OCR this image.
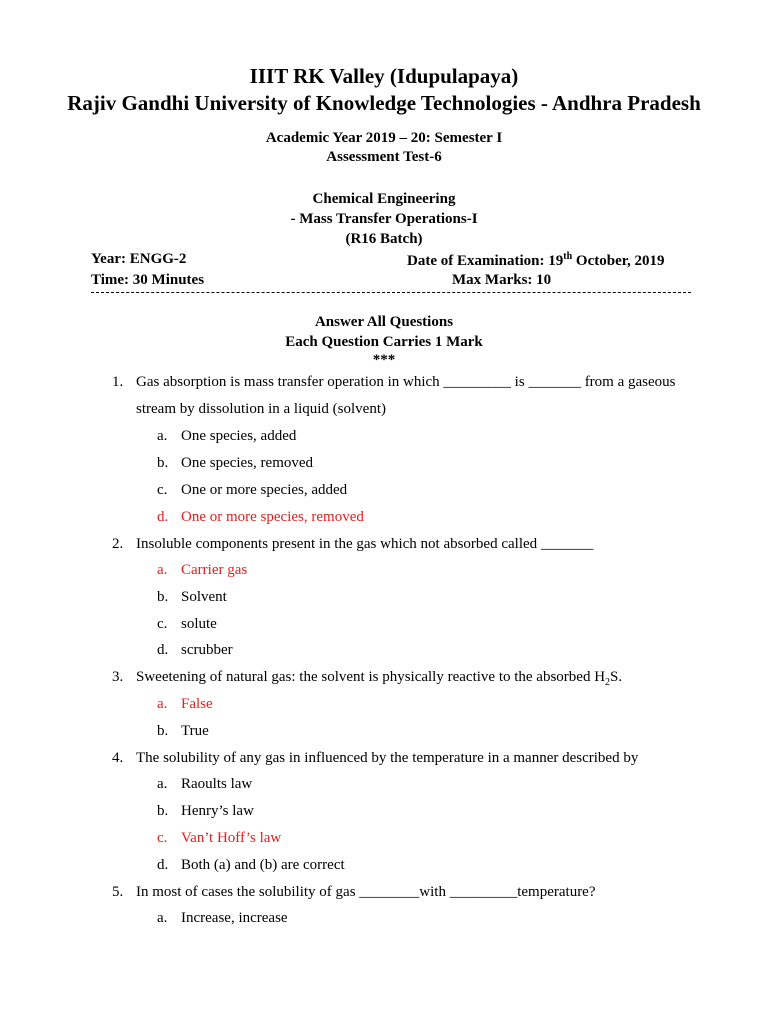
IIIT RK Valley (Idupulapaya)
Rajiv Gandhi University of Knowledge Technologies - Andhra Pradesh
Academic Year 2019 – 20: Semester I
Assessment Test-6
Chemical Engineering
- Mass Transfer Operations-I
(R16 Batch)
Year: ENGG-2	Date of Examination: 19th October, 2019
Time: 30 Minutes	Max Marks: 10
Answer All Questions
Each Question Carries 1 Mark
***
1. Gas absorption is mass transfer operation in which _________ is _______ from a gaseous
stream by dissolution in a liquid (solvent)
a. One species, added
b. One species, removed
c. One or more species, added
d. One or more species, removed
2. Insoluble components present in the gas which not absorbed called _______
a. Carrier gas
b. Solvent
c. solute
d. scrubber
3. Sweetening of natural gas: the solvent is physically reactive to the absorbed $H_2S$.
a. False
b. True
4. The solubility of any gas in influenced by the temperature in a manner described by
a. Raoults law
b. Henry’s law
c. Van’t Hoff’s law
d. Both (a) and (b) are correct
5. In most of cases the solubility of gas ________with _________temperature?
a. Increase, increase
